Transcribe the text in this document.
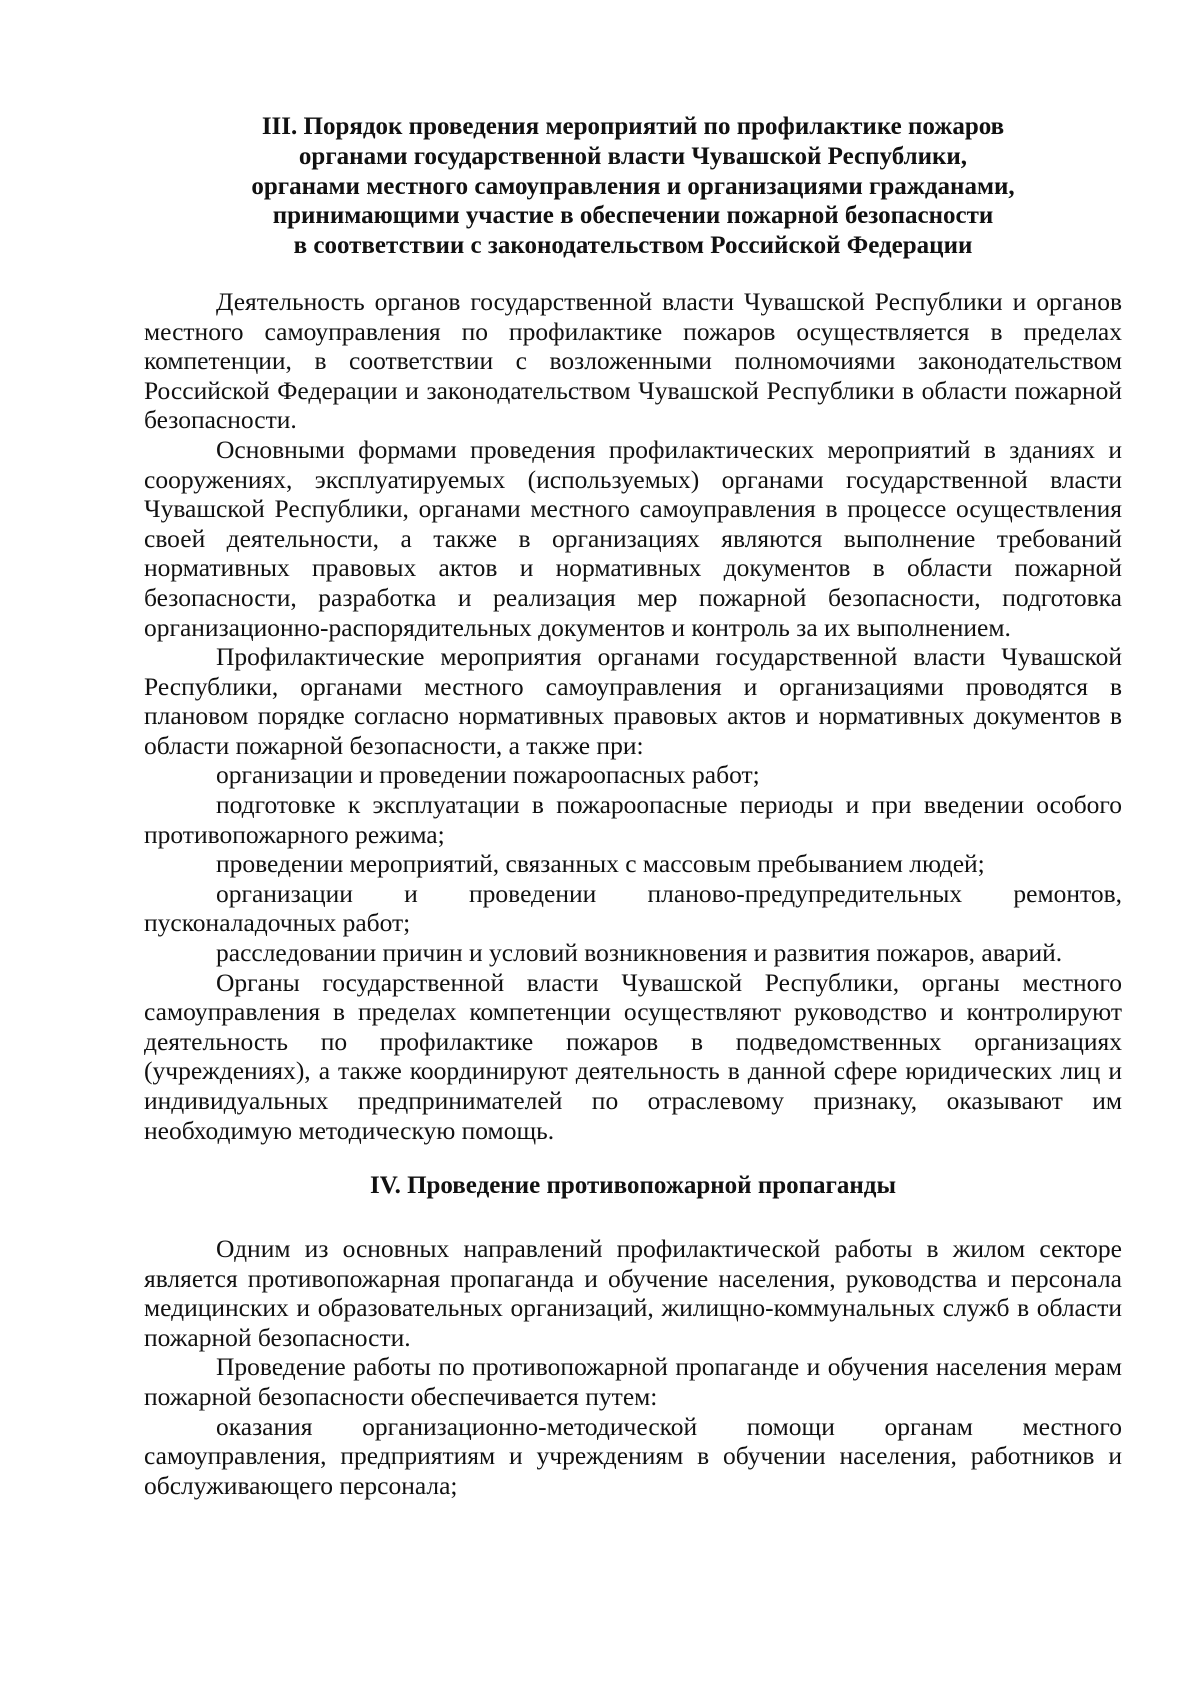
III. Порядок проведения мероприятий по профилактике пожаров

органами государственной власти Чувашской Республики,

органами местного самоуправления и организациями гражданами,

принимающими участие в обеспечении пожарной безопасности

в соответствии с законодательством Российской Федерации

Деятельность органов государственной власти Чувашской Республики и органов местного самоуправления по профилактике пожаров осуществляется в пределах компетенции, в соответствии с возложенными полномочиями законодательством Российской Федерации и законодательством Чувашской Республики в области пожарной безопасности.

Основными формами проведения профилактических мероприятий в зданиях и сооружениях, эксплуатируемых (используемых) органами государственной власти Чувашской Республики, органами местного самоуправления в процессе осуществления своей деятельности, а также в организациях являются выполнение требований нормативных правовых актов и нормативных документов в области пожарной безопасности, разработка и реализация мер пожарной безопасности, подготовка организационно-распорядительных документов и контроль за их выполнением.

Профилактические мероприятия органами государственной власти Чувашской Республики, органами местного самоуправления и организациями проводятся в плановом порядке согласно нормативных правовых актов и нормативных документов в области пожарной безопасности, а также при:

организации и проведении пожароопасных работ;

подготовке к эксплуатации в пожароопасные периоды и при введении особого противопожарного режима;

проведении мероприятий, связанных с массовым пребыванием людей;

организации и проведении планово-предупредительных ремонтов, пусконаладочных работ;

расследовании причин и условий возникновения и развития пожаров, аварий.

Органы государственной власти Чувашской Республики, органы местного самоуправления в пределах компетенции осуществляют руководство и контролируют деятельность по профилактике пожаров в подведомственных организациях (учреждениях), а также координируют деятельность в данной сфере юридических лиц и индивидуальных предпринимателей по отраслевому признаку, оказывают им необходимую методическую помощь.

IV. Проведение противопожарной пропаганды

Одним из основных направлений профилактической работы в жилом секторе является противопожарная пропаганда и обучение населения, руководства и персонала медицинских и образовательных организаций, жилищно-коммунальных служб в области пожарной безопасности.

Проведение работы по противопожарной пропаганде и обучения населения мерам пожарной безопасности обеспечивается путем:

оказания организационно-методической помощи органам местного самоуправления, предприятиям и учреждениям в обучении населения, работников и обслуживающего персонала;
